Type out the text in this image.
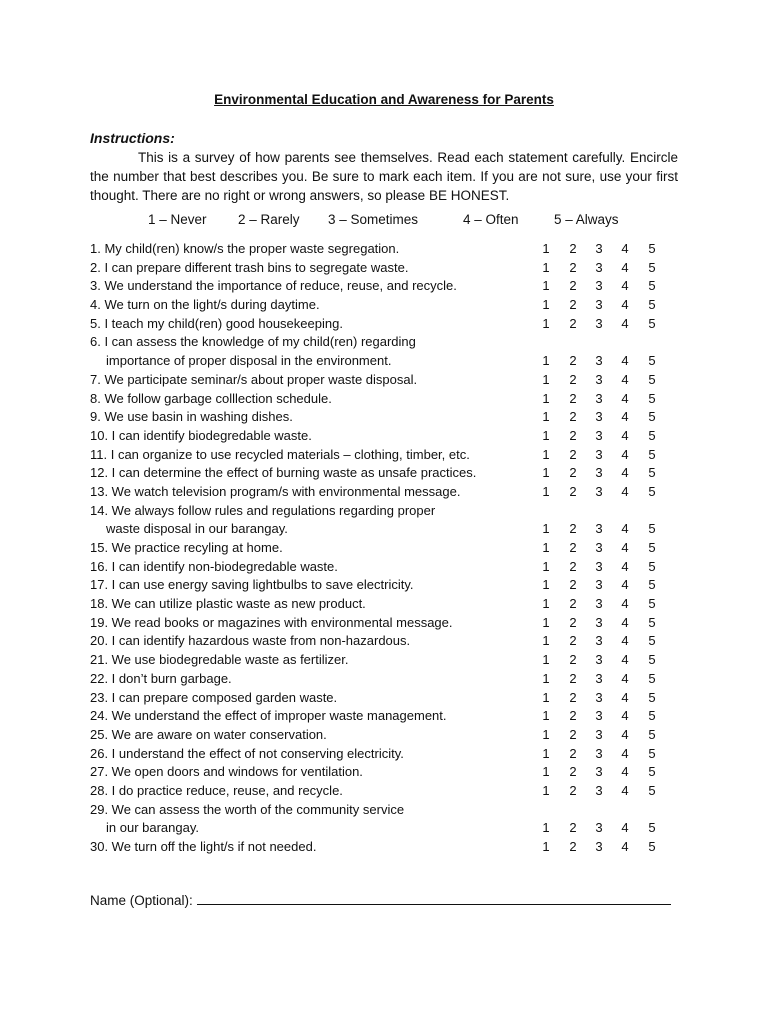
Environmental Education and Awareness for Parents
Instructions:
This is a survey of how parents see themselves. Read each statement carefully. Encircle the number that best describes you. Be sure to mark each item. If you are not sure, use your first thought. There are no right or wrong answers, so please BE HONEST.
1 – Never 2 – Rarely 3 – Sometimes	4 – Often	5 – Always
1. My child(ren) know/s the proper waste segregation.	1 2 3 4 5
2. I can prepare different trash bins to segregate waste.	1 2 3 4 5
3. We understand the importance of reduce, reuse, and recycle.	1 2 3 4 5
4. We turn on the light/s during daytime.	1 2 3 4 5
5. I teach my child(ren) good housekeeping.	1 2 3 4 5
6. I can assess the knowledge of my child(ren) regarding
importance of proper disposal in the environment.	1 2 3 4 5
7. We participate seminar/s about proper waste disposal.	1 2 3 4 5
8. We follow garbage colllection schedule.	1 2 3 4 5
9. We use basin in washing dishes.	1 2 3 4 5
10. I can identify biodegredable waste.	1 2 3 4 5
11. I can organize to use recycled materials – clothing, timber, etc.	1 2 3 4 5
12. I can determine the effect of burning waste as unsafe practices.	1 2 3 4 5
13. We watch television program/s with environmental message.	1 2 3 4 5
14. We always follow rules and regulations regarding proper
waste disposal in our barangay.	1 2 3 4 5
15. We practice recyling at home.	1 2 3 4 5
16. I can identify non-biodegredable waste.	1 2 3 4 5
17. I can use energy saving lightbulbs to save electricity.	1 2 3 4 5
18. We can utilize plastic waste as new product.	1 2 3 4 5
19. We read books or magazines with environmental message.	1 2 3 4 5
20. I can identify hazardous waste from non-hazardous.	1 2 3 4 5
21. We use biodegredable waste as fertilizer.	1 2 3 4 5
22. I don’t burn garbage.	1 2 3 4 5
23. I can prepare composed garden waste.	1 2 3 4 5
24. We understand the effect of improper waste management.	1 2 3 4 5
25. We are aware on water conservation.	1 2 3 4 5
26. I understand the effect of not conserving electricity.	1 2 3 4 5
27. We open doors and windows for ventilation.	1 2 3 4 5
28. I do practice reduce, reuse, and recycle.	1 2 3 4 5
29. We can assess the worth of the community service
in our barangay.	1 2 3 4 5
30. We turn off the light/s if not needed.	1 2 3 4 5
Name (Optional):
